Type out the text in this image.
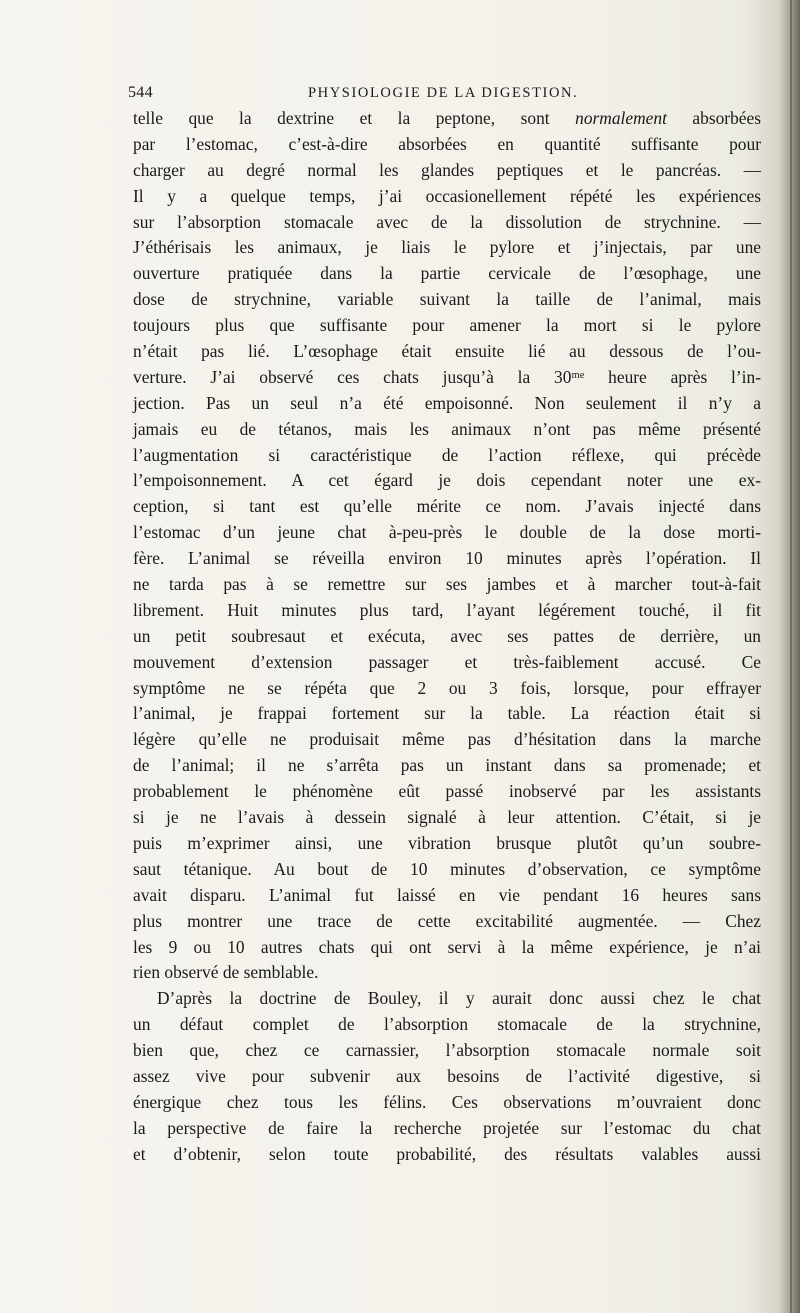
544	PHYSIOLOGIE DE LA DIGESTION.
telle que la dextrine et la peptone, sont normalement absorbées
par l’estomac, c’est-à-dire absorbées en quantité suffisante pour
charger au degré normal les glandes peptiques et le pancréas. —
Il y a quelque temps, j’ai occasionellement répété les expériences
sur l’absorption stomacale avec de la dissolution de strychnine. —
J’éthérisais les animaux, je liais le pylore et j’injectais, par une
ouverture pratiquée dans la partie cervicale de l’œsophage, une
dose de strychnine, variable suivant la taille de l’animal, mais
toujours plus que suffisante pour amener la mort si le pylore
n’était pas lié. L’œsophage était ensuite lié au dessous de l’ou-
verture. J’ai observé ces chats jusqu’à la 30ᵐᵉ heure après l’in-
jection. Pas un seul n’a été empoisonné. Non seulement il n’y a
jamais eu de tétanos, mais les animaux n’ont pas même présenté
l’augmentation si caractéristique de l’action réflexe, qui précède
l’empoisonnement. A cet égard je dois cependant noter une ex-
ception, si tant est qu’elle mérite ce nom. J’avais injecté dans
l’estomac d’un jeune chat à-peu-près le double de la dose morti-
fère. L’animal se réveilla environ 10 minutes après l’opération. Il
ne tarda pas à se remettre sur ses jambes et à marcher tout-à-fait
librement. Huit minutes plus tard, l’ayant légérement touché, il fit
un petit soubresaut et exécuta, avec ses pattes de derrière, un
mouvement d’extension passager et très-faiblement accusé. Ce
symptôme ne se répéta que 2 ou 3 fois, lorsque, pour effrayer
l’animal, je frappai fortement sur la table. La réaction était si
légère qu’elle ne produisait même pas d’hésitation dans la marche
de l’animal; il ne s’arrêta pas un instant dans sa promenade; et
probablement le phénomène eût passé inobservé par les assistants
si je ne l’avais à dessein signalé à leur attention. C’était, si je
puis m’exprimer ainsi, une vibration brusque plutôt qu’un soubre-
saut tétanique. Au bout de 10 minutes d’observation, ce symptôme
avait disparu. L’animal fut laissé en vie pendant 16 heures sans
plus montrer une trace de cette excitabilité augmentée. — Chez
les 9 ou 10 autres chats qui ont servi à la même expérience, je n’ai
rien observé de semblable.
D’après la doctrine de Bouley, il y aurait donc aussi chez le chat
un défaut complet de l’absorption stomacale de la strychnine,
bien que, chez ce carnassier, l’absorption stomacale normale soit
assez vive pour subvenir aux besoins de l’activité digestive, si
énergique chez tous les félins. Ces observations m’ouvraient donc
la perspective de faire la recherche projetée sur l’estomac du chat
et d’obtenir, selon toute probabilité, des résultats valables aussi
